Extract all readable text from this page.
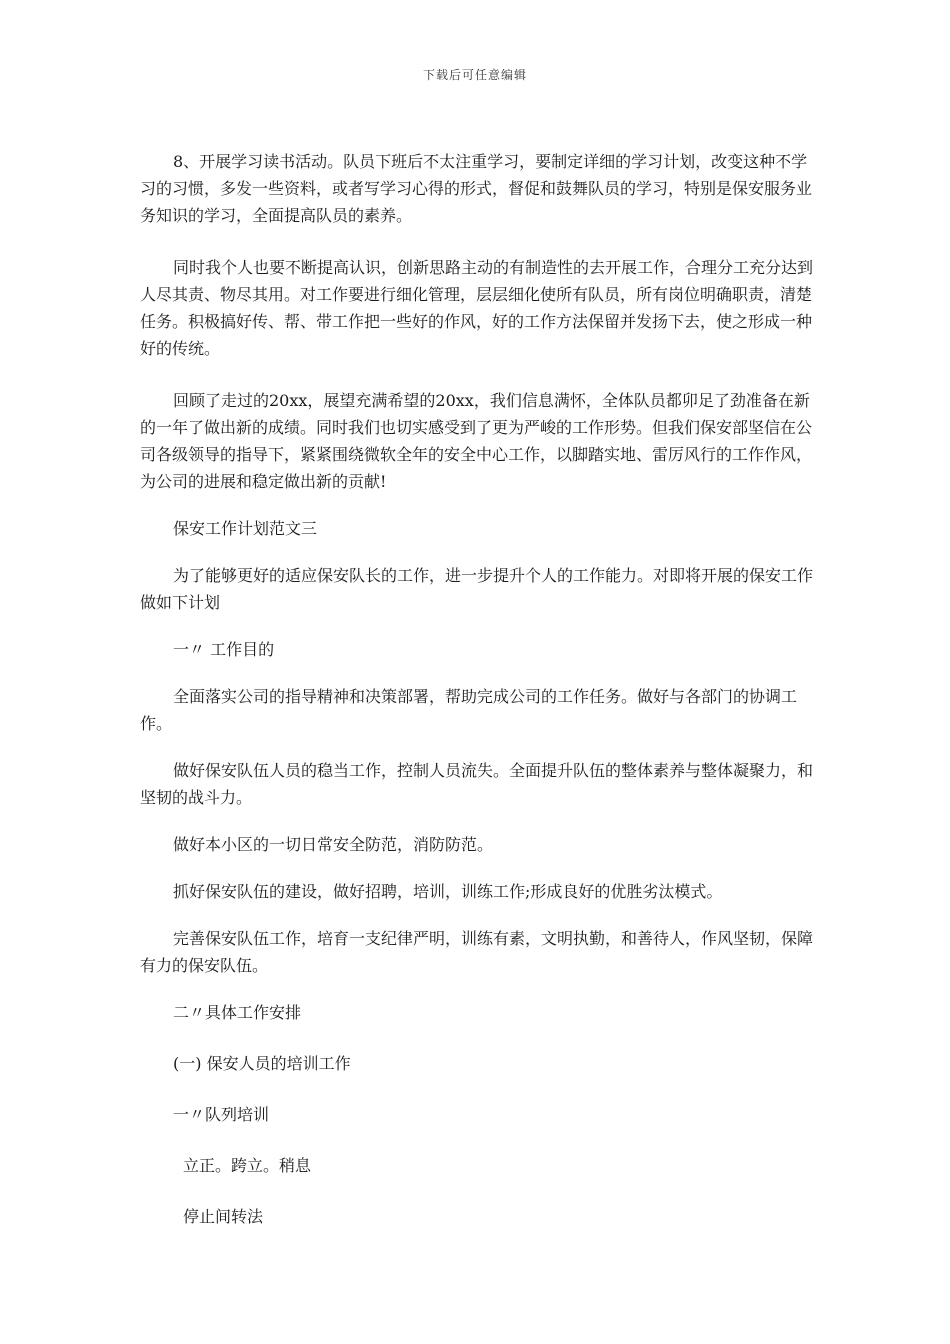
下载后可任意编辑

8、开展学习读书活动。队员下班后不太注重学习，要制定详细的学习计划，改变这种不学习的习惯，多发一些资料，或者写学习心得的形式，督促和鼓舞队员的学习，特别是保安服务业务知识的学习，全面提高队员的素养。

同时我个人也要不断提高认识，创新思路主动的有制造性的去开展工作，合理分工充分达到人尽其责、物尽其用。对工作要进行细化管理，层层细化使所有队员，所有岗位明确职责，清楚任务。积极搞好传、帮、带工作把一些好的作风，好的工作方法保留并发扬下去，使之形成一种好的传统。

回顾了走过的20xx，展望充满希望的20xx，我们信息满怀，全体队员都卯足了劲准备在新的一年了做出新的成绩。同时我们也切实感受到了更为严峻的工作形势。但我们保安部坚信在公司各级领导的指导下，紧紧围绕微软全年的安全中心工作，以脚踏实地、雷厉风行的工作作风，为公司的进展和稳定做出新的贡献!

保安工作计划范文三

为了能够更好的适应保安队长的工作，进一步提升个人的工作能力。对即将开展的保安工作做如下计划

一〃 工作目的

全面落实公司的指导精神和决策部署，帮助完成公司的工作任务。做好与各部门的协调工作。

做好保安队伍人员的稳当工作，控制人员流失。全面提升队伍的整体素养与整体凝聚力，和坚韧的战斗力。

做好本小区的一切日常安全防范，消防防范。

抓好保安队伍的建设，做好招聘，培训，训练工作;形成良好的优胜劣汰模式。

完善保安队伍工作，培育一支纪律严明，训练有素，文明执勤，和善待人，作风坚韧，保障有力的保安队伍。

二〃具体工作安排

(一) 保安人员的培训工作

一〃队列培训

立正。跨立。稍息

停止间转法
